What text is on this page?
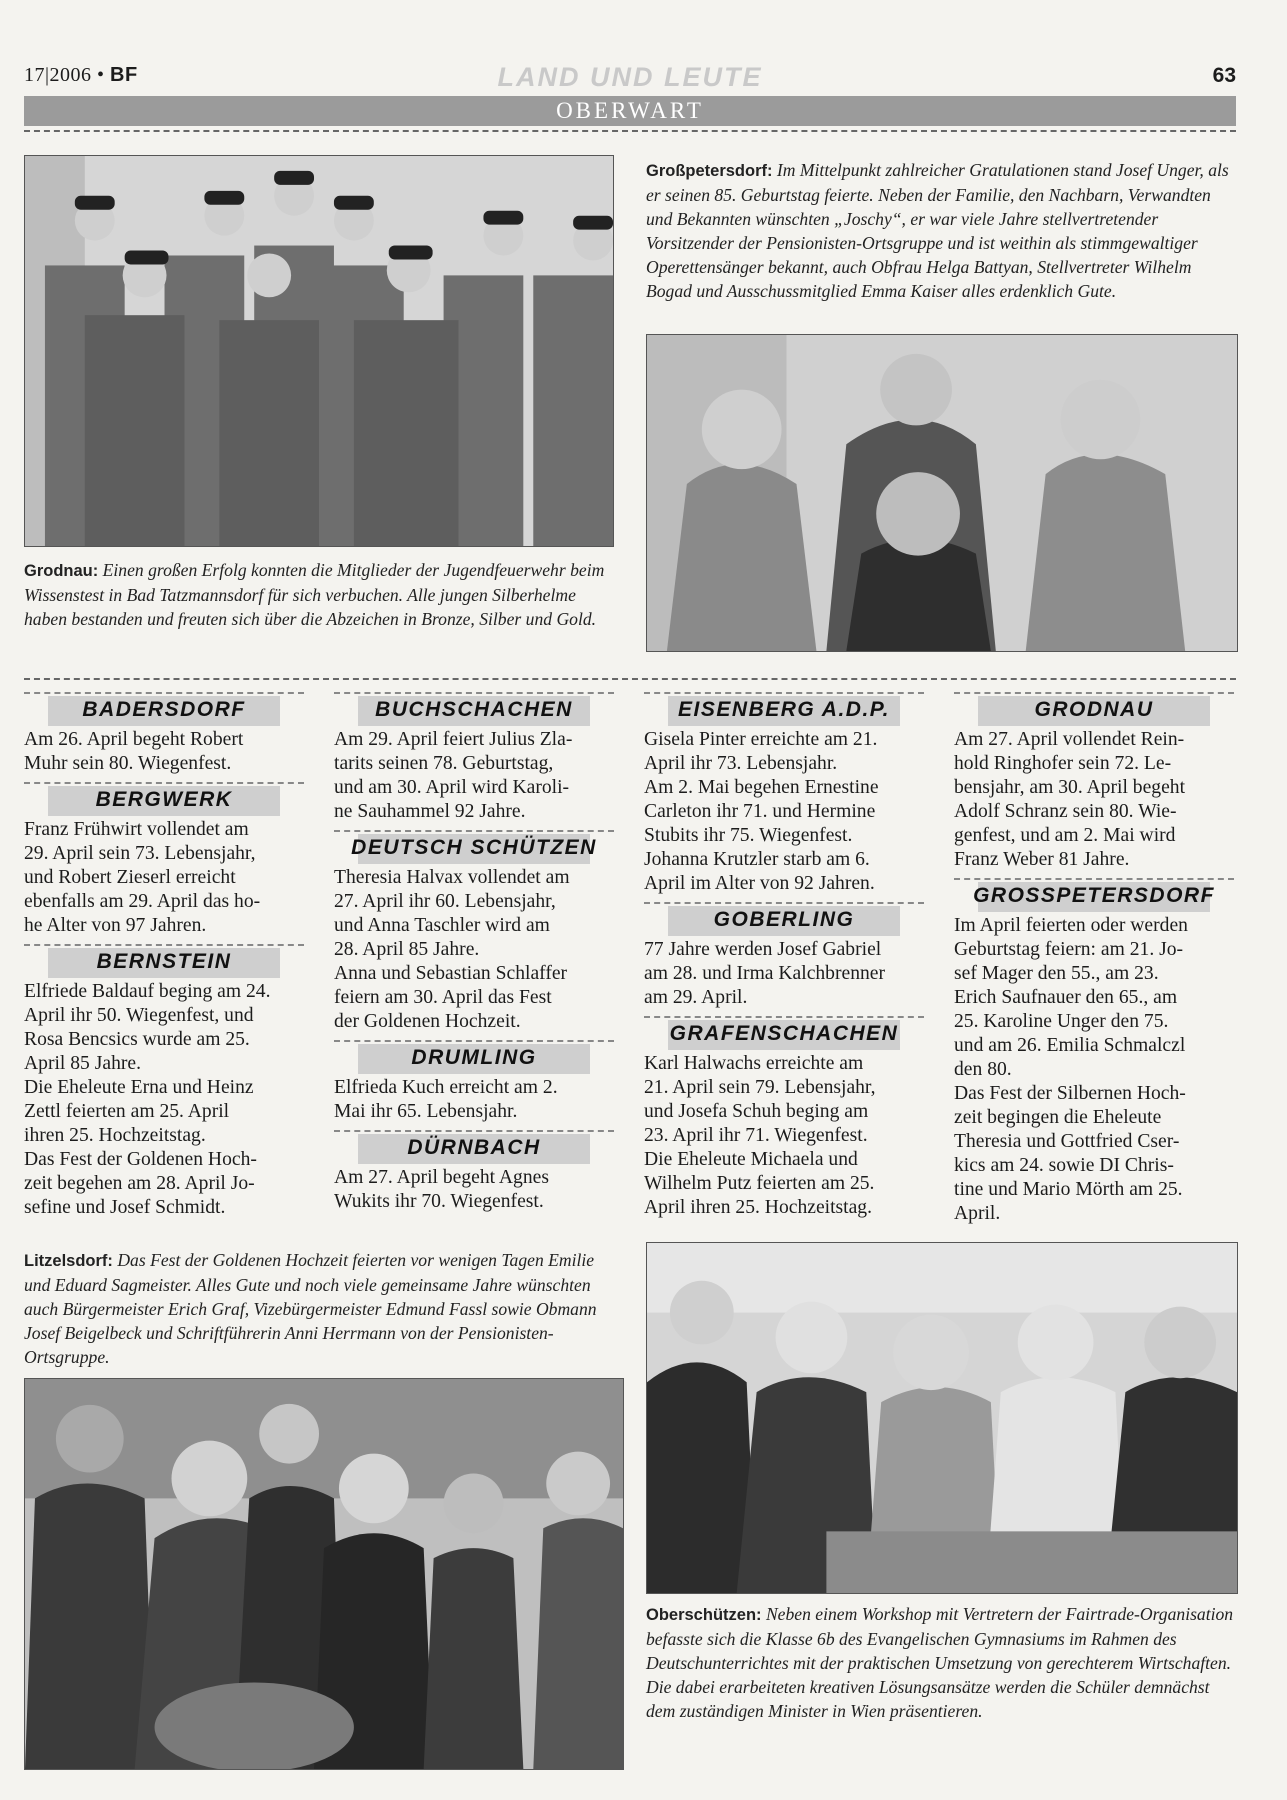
17|2006 • BF	LAND UND LEUTE	63
OBERWART
Grodnau: Einen großen Erfolg konnten die Mitglieder der Jugendfeuerwehr beim Wissenstest in Bad Tatzmannsdorf für sich verbuchen. Alle jungen Silberhelme haben bestanden und freuten sich über die Abzeichen in Bronze, Silber und Gold.
Großpetersdorf: Im Mittelpunkt zahlreicher Gratulationen stand Josef Unger, als er seinen 85. Geburtstag feierte. Neben der Familie, den Nachbarn, Verwandten und Bekannten wünschten „Joschy“, er war viele Jahre stellvertretender Vorsitzender der Pensionisten-Ortsgruppe und ist weithin als stimmgewaltiger Operettensänger bekannt, auch Obfrau Helga Battyan, Stellvertreter Wilhelm Bogad und Ausschussmitglied Emma Kaiser alles erdenklich Gute.
BADERSDORF

Am 26. April begeht Robert

Muhr sein 80. Wiegenfest.

BERGWERK

Franz Frühwirt vollendet am

29. April sein 73. Lebensjahr,

und Robert Zieserl erreicht

ebenfalls am 29. April das ho-

he Alter von 97 Jahren.

BERNSTEIN

Elfriede Baldauf beging am 24.

April ihr 50. Wiegenfest, und

Rosa Bencsics wurde am 25.

April 85 Jahre.

Die Eheleute Erna und Heinz

Zettl feierten am 25. April

ihren 25. Hochzeitstag.

Das Fest der Goldenen Hoch-

zeit begehen am 28. April Jo-

sefine und Josef Schmidt.

BUCHSCHACHEN

Am 29. April feiert Julius Zla-

tarits seinen 78. Geburtstag,

und am 30. April wird Karoli-

ne Sauhammel 92 Jahre.

DEUTSCH SCHÜTZEN

Theresia Halvax vollendet am

27. April ihr 60. Lebensjahr,

und Anna Taschler wird am

28. April 85 Jahre.

Anna und Sebastian Schlaffer

feiern am 30. April das Fest

der Goldenen Hochzeit.

DRUMLING

Elfrieda Kuch erreicht am 2.

Mai ihr 65. Lebensjahr.

DÜRNBACH

Am 27. April begeht Agnes

Wukits ihr 70. Wiegenfest.

EISENBERG A.D.P.

Gisela Pinter erreichte am 21.

April ihr 73. Lebensjahr.

Am 2. Mai begehen Ernestine

Carleton ihr 71. und Hermine

Stubits ihr 75. Wiegenfest.

Johanna Krutzler starb am 6.

April im Alter von 92 Jahren.

GOBERLING

77 Jahre werden Josef Gabriel

am 28. und Irma Kalchbrenner

am 29. April.

GRAFENSCHACHEN

Karl Halwachs erreichte am

21. April sein 79. Lebensjahr,

und Josefa Schuh beging am

23. April ihr 71. Wiegenfest.

Die Eheleute Michaela und

Wilhelm Putz feierten am 25.

April ihren 25. Hochzeitstag.

GRODNAU

Am 27. April vollendet Rein-

hold Ringhofer sein 72. Le-

bensjahr, am 30. April begeht

Adolf Schranz sein 80. Wie-

genfest, und am 2. Mai wird

Franz Weber 81 Jahre.

GROSSPETERSDORF

Im April feierten oder werden

Geburtstag feiern: am 21. Jo-

sef Mager den 55., am 23.

Erich Saufnauer den 65., am

25. Karoline Unger den 75.

und am 26. Emilia Schmalczl

den 80.

Das Fest der Silbernen Hoch-

zeit begingen die Eheleute

Theresia und Gottfried Cser-

kics am 24. sowie DI Chris-

tine und Mario Mörth am 25.

April.

Litzelsdorf: Das Fest der Goldenen Hochzeit feierten vor wenigen Tagen Emilie und Eduard Sagmeister. Alles Gute und noch viele gemeinsame Jahre wünschten auch Bürgermeister Erich Graf, Vizebürgermeister Edmund Fassl sowie Obmann Josef Beigelbeck und Schriftführerin Anni Herrmann von der Pensionisten-Ortsgruppe.
Oberschützen: Neben einem Workshop mit Vertretern der Fairtrade-Organisation befasste sich die Klasse 6b des Evangelischen Gymnasiums im Rahmen des Deutschunterrichtes mit der praktischen Umsetzung von gerechterem Wirtschaften. Die dabei erarbeiteten kreativen Lösungsansätze werden die Schüler demnächst dem zuständigen Minister in Wien präsentieren.
